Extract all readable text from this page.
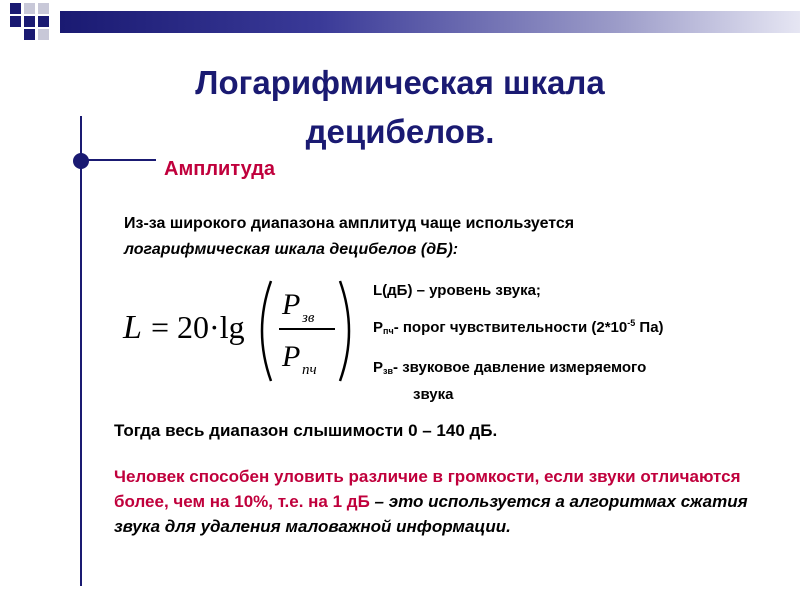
Логарифмическая шкала децибелов.
Амплитуда
Из-за широкого диапазона амплитуд чаще используется
логарифмическая шкала децибелов (дБ):
L = 20·lg
P зв
P пч
L(дБ) – уровень звука;
$P_{пч}-$ порог чувствительности ($2*10^{-5}$ Па)
$P_{зв}-$ звуковое давление измеряемого
звука
Тогда весь диапазон слышимости 0 – 140 дБ.
Человек способен уловить различие в громкости, если звуки отличаются более, чем на 10%, т.е. на 1 дБ – это используется а алгоритмах сжатия звука для удаления маловажной информации.
